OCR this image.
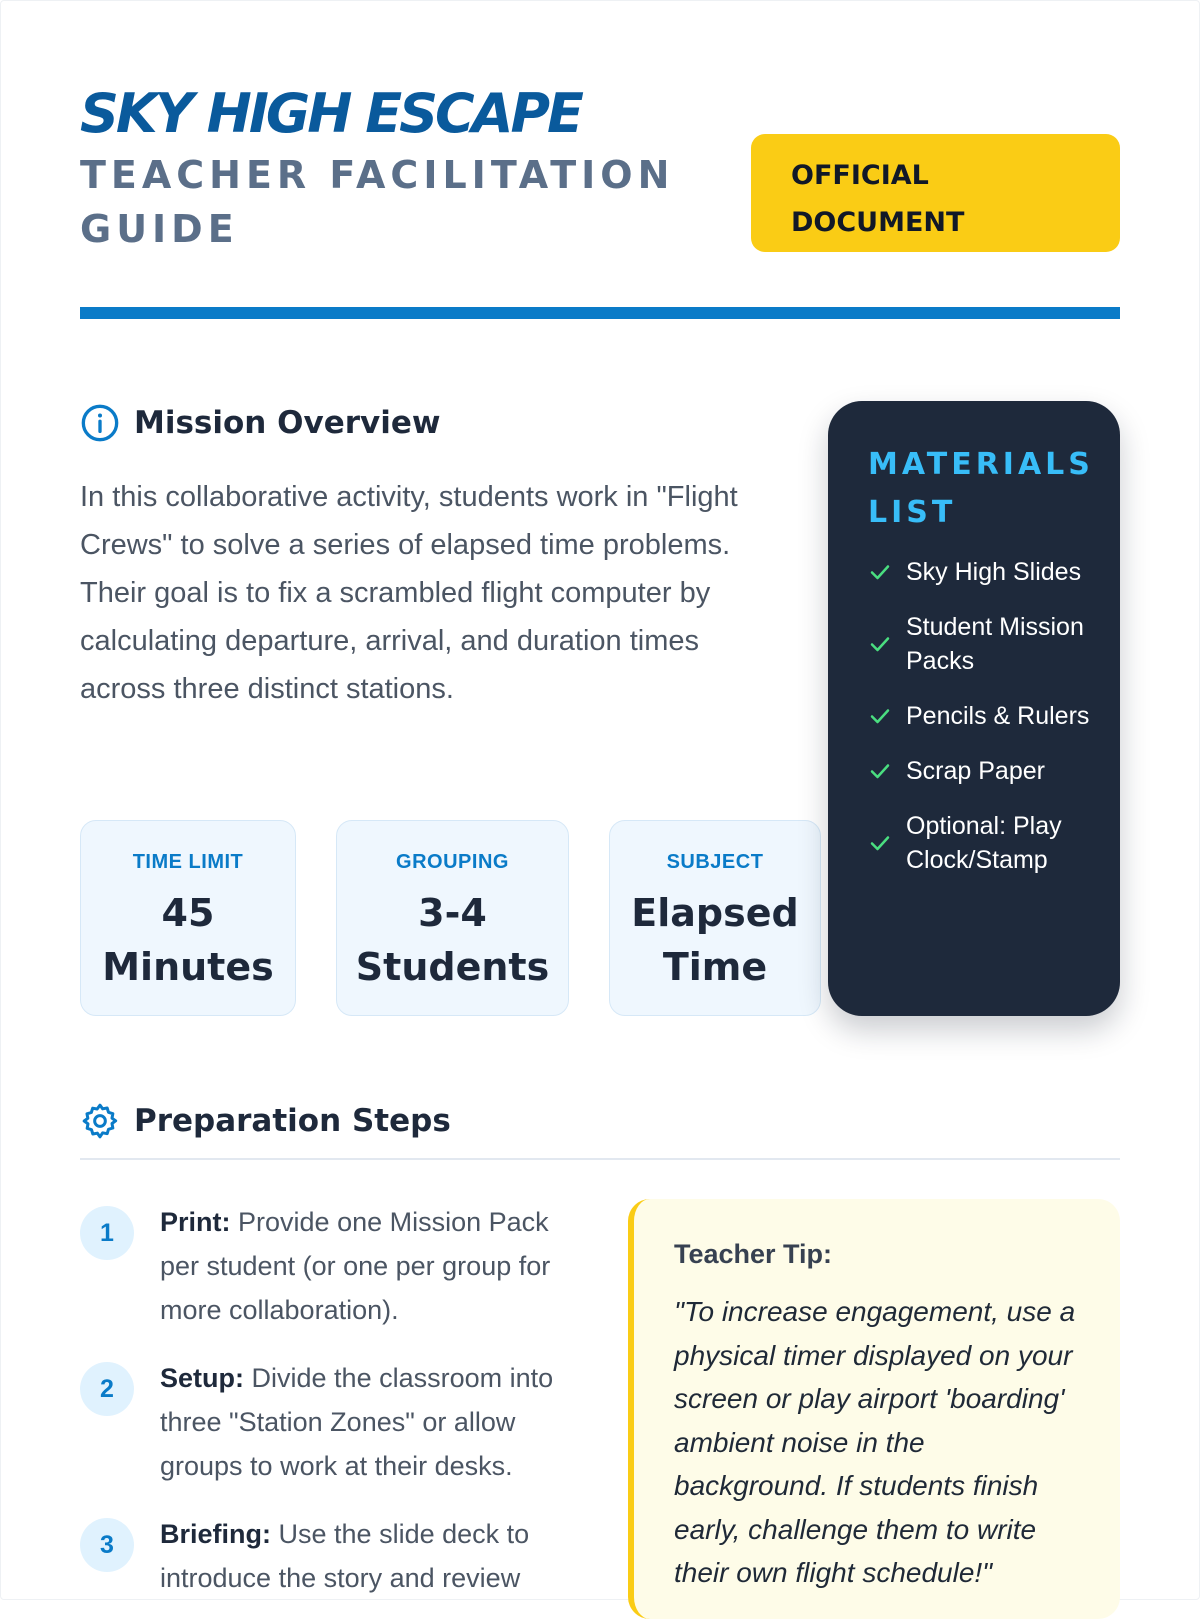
SKY HIGH ESCAPE
TEACHER FACILITATION GUIDE
OFFICIAL DOCUMENT
Mission Overview

In this collaborative activity, students work in "Flight Crews" to solve a series of elapsed time problems. Their goal is to fix a scrambled flight computer by calculating departure, arrival, and duration times across three distinct stations.

TIME LIMIT
45 Minutes
GROUPING
3-4 Students
SUBJECT
Elapsed Time
MATERIALS LIST
Sky High Slides
Student Mission Packs
Pencils & Rulers
Scrap Paper
Optional: Play Clock/Stamp
Preparation Steps
1	Print: Provide one Mission Pack per student (or one per group for more collaboration).
2	Setup: Divide the classroom into three "Station Zones" or allow groups to work at their desks.
3	Briefing: Use the slide deck to introduce the story and review

Teacher Tip:

"To increase engagement, use a physical timer displayed on your screen or play airport 'boarding' ambient noise in the background. If students finish early, challenge them to write their own flight schedule!"
